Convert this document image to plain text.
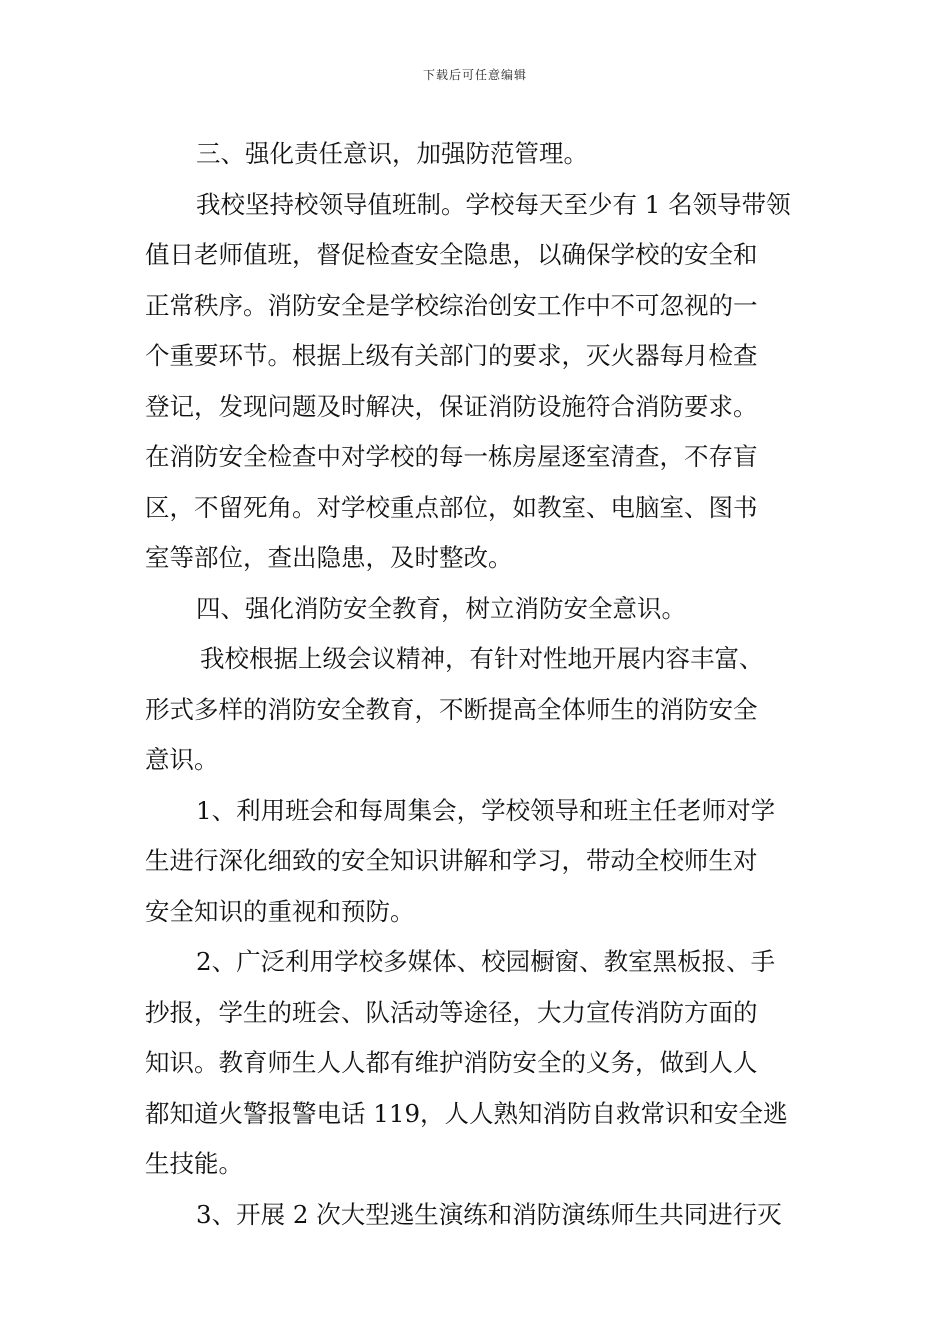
下载后可任意编辑
三、强化责任意识，加强防范管理。
我校坚持校领导值班制。学校每天至少有 1 名领导带领
值日老师值班，督促检查安全隐患，以确保学校的安全和
正常秩序。消防安全是学校综治创安工作中不可忽视的一
个重要环节。根据上级有关部门的要求，灭火器每月检查
登记，发现问题及时解决，保证消防设施符合消防要求。
在消防安全检查中对学校的每一栋房屋逐室清查，不存盲
区，不留死角。对学校重点部位，如教室、电脑室、图书
室等部位，查出隐患，及时整改。
四、强化消防安全教育，树立消防安全意识。
我校根据上级会议精神，有针对性地开展内容丰富、
形式多样的消防安全教育，不断提高全体师生的消防安全
意识。
1、利用班会和每周集会，学校领导和班主任老师对学
生进行深化细致的安全知识讲解和学习，带动全校师生对
安全知识的重视和预防。
2、广泛利用学校多媒体、校园橱窗、教室黑板报、手
抄报，学生的班会、队活动等途径，大力宣传消防方面的
知识。教育师生人人都有维护消防安全的义务，做到人人
都知道火警报警电话 119，人人熟知消防自救常识和安全逃
生技能。
3、开展 2 次大型逃生演练和消防演练师生共同进行灭
